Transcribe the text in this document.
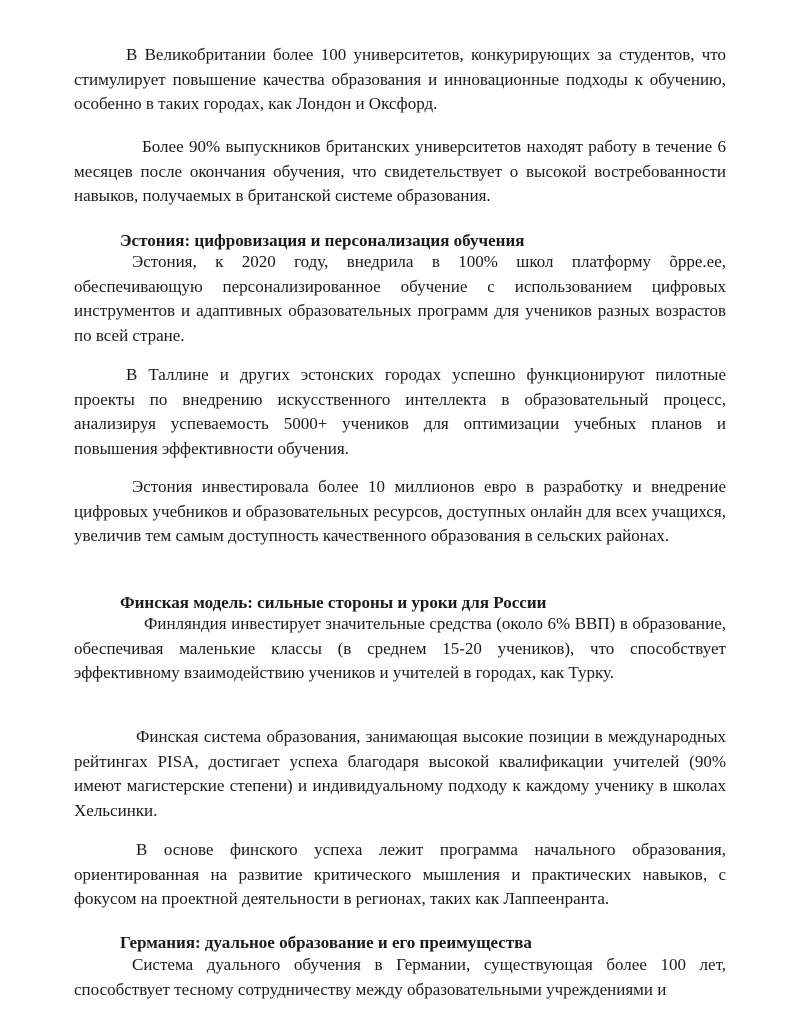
В Великобритании более 100 университетов, конкурирующих за студентов, что стимулирует повышение качества образования и инновационные подходы к обучению, особенно в таких городах, как Лондон и Оксфорд.

Более 90% выпускников британских университетов находят работу в течение 6 месяцев после окончания обучения, что свидетельствует о высокой востребованности навыков, получаемых в британской системе образования.

Эстония: цифровизация и персонализация обучения

Эстония, к 2020 году, внедрила в 100% школ платформу õppe.ee, обеспечивающую персонализированное обучение с использованием цифровых инструментов и адаптивных образовательных программ для учеников разных возрастов по всей стране.

В Таллине и других эстонских городах успешно функционируют пилотные проекты по внедрению искусственного интеллекта в образовательный процесс, анализируя успеваемость 5000+ учеников для оптимизации учебных планов и повышения эффективности обучения.

Эстония инвестировала более 10 миллионов евро в разработку и внедрение цифровых учебников и образовательных ресурсов, доступных онлайн для всех учащихся, увеличив тем самым доступность качественного образования в сельских районах.

Финская модель: сильные стороны и уроки для России

Финляндия инвестирует значительные средства (около 6% ВВП) в образование, обеспечивая маленькие классы (в среднем 15-20 учеников), что способствует эффективному взаимодействию учеников и учителей в городах, как Турку.

Финская система образования, занимающая высокие позиции в международных рейтингах PISA, достигает успеха благодаря высокой квалификации учителей (90% имеют магистерские степени) и индивидуальному подходу к каждому ученику в школах Хельсинки.

В основе финского успеха лежит программа начального образования, ориентированная на развитие критического мышления и практических навыков, с фокусом на проектной деятельности в регионах, таких как Лаппеенранта.

Германия: дуальное образование и его преимущества

Система дуального обучения в Германии, существующая более 100 лет, способствует тесному сотрудничеству между образовательными учреждениями и
